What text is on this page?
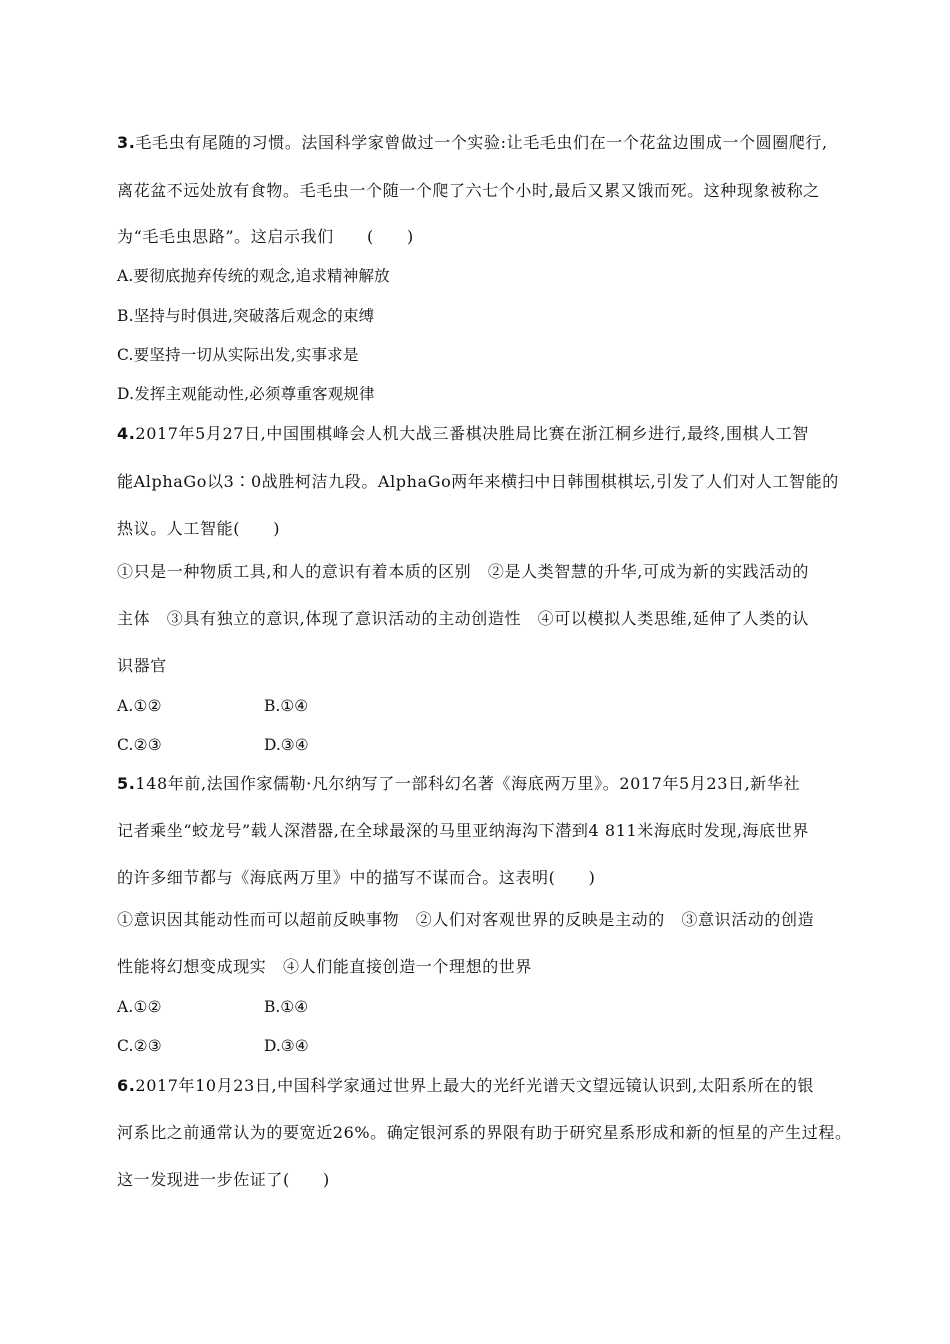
3.毛毛虫有尾随的习惯。法国科学家曾做过一个实验:让毛毛虫们在一个花盆边围成一个圆圈爬行,
离花盆不远处放有食物。毛毛虫一个随一个爬了六七个小时,最后又累又饿而死。这种现象被称之
为“毛毛虫思路”。这启示我们　　(　　)
A.要彻底抛弃传统的观念,追求精神解放
B.坚持与时俱进,突破落后观念的束缚
C.要坚持一切从实际出发,实事求是
D.发挥主观能动性,必须尊重客观规律
4.2017年5月27日,中国围棋峰会人机大战三番棋决胜局比赛在浙江桐乡进行,最终,围棋人工智
能AlphaGo以3∶0战胜柯洁九段。AlphaGo两年来横扫中日韩围棋棋坛,引发了人们对人工智能的
热议。人工智能(　　)
①只是一种物质工具,和人的意识有着本质的区别　②是人类智慧的升华,可成为新的实践活动的
主体　③具有独立的意识,体现了意识活动的主动创造性　④可以模拟人类思维,延伸了人类的认
识器官
A.①②	B.①④
C.②③	D.③④
5.148年前,法国作家儒勒·凡尔纳写了一部科幻名著《海底两万里》。2017年5月23日,新华社
记者乘坐“蛟龙号”载人深潜器,在全球最深的马里亚纳海沟下潜到4 811米海底时发现,海底世界
的许多细节都与《海底两万里》中的描写不谋而合。这表明(　　)
①意识因其能动性而可以超前反映事物　②人们对客观世界的反映是主动的　③意识活动的创造
性能将幻想变成现实　④人们能直接创造一个理想的世界
A.①②	B.①④
C.②③	D.③④
6.2017年10月23日,中国科学家通过世界上最大的光纤光谱天文望远镜认识到,太阳系所在的银
河系比之前通常认为的要宽近26%。确定银河系的界限有助于研究星系形成和新的恒星的产生过程。
这一发现进一步佐证了(　　)
